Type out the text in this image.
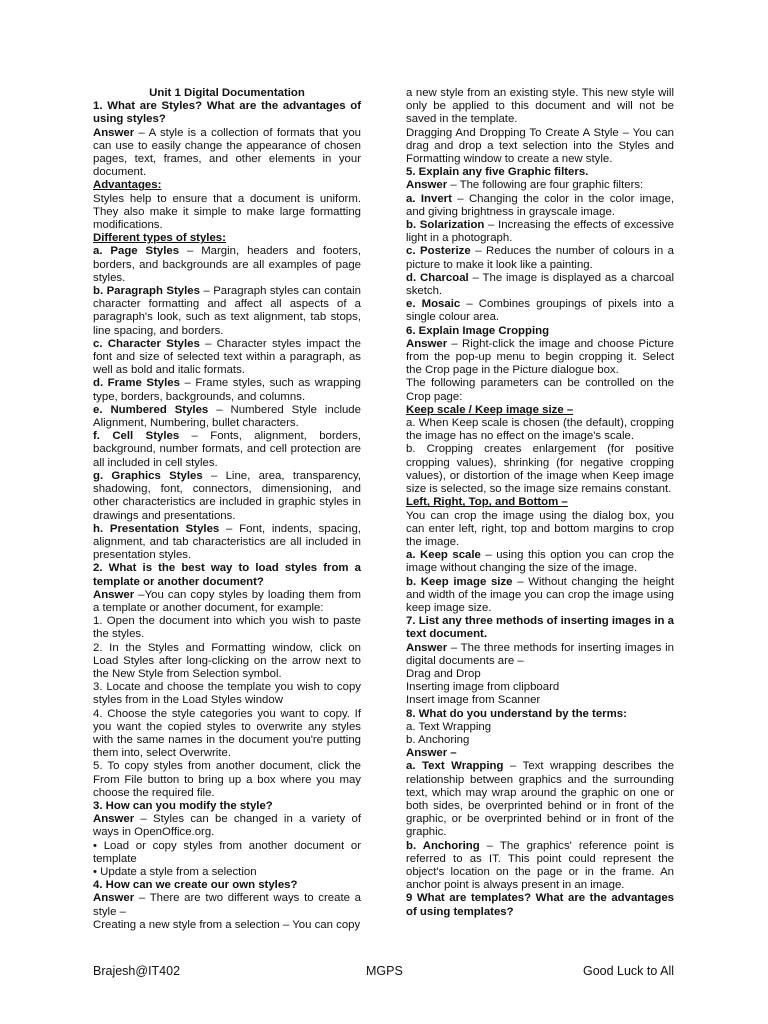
Unit 1 Digital Documentation

1. What are Styles? What are the advantages of using styles?

Answer – A style is a collection of formats that you can use to easily change the appearance of chosen pages, text, frames, and other elements in your document.

Advantages:

Styles help to ensure that a document is uniform. They also make it simple to make large formatting modifications.

Different types of styles:

a. Page Styles – Margin, headers and footers, borders, and backgrounds are all examples of page styles.

b. Paragraph Styles – Paragraph styles can contain character formatting and affect all aspects of a paragraph's look, such as text alignment, tab stops, line spacing, and borders.

c. Character Styles – Character styles impact the font and size of selected text within a paragraph, as well as bold and italic formats.

d. Frame Styles – Frame styles, such as wrapping type, borders, backgrounds, and columns.

e. Numbered Styles – Numbered Style include Alignment, Numbering, bullet characters.

f. Cell Styles – Fonts, alignment, borders, background, number formats, and cell protection are all included in cell styles.

g. Graphics Styles – Line, area, transparency, shadowing, font, connectors, dimensioning, and other characteristics are included in graphic styles in drawings and presentations.

h. Presentation Styles – Font, indents, spacing, alignment, and tab characteristics are all included in presentation styles.

2. What is the best way to load styles from a template or another document?

Answer –You can copy styles by loading them from a template or another document, for example:

1. Open the document into which you wish to paste the styles.

2. In the Styles and Formatting window, click on Load Styles after long-clicking on the arrow next to the New Style from Selection symbol.

3. Locate and choose the template you wish to copy styles from in the Load Styles window

4. Choose the style categories you want to copy. If you want the copied styles to overwrite any styles with the same names in the document you're putting them into, select Overwrite.

5. To copy styles from another document, click the From File button to bring up a box where you may choose the required file.

3. How can you modify the style?

Answer – Styles can be changed in a variety of ways in OpenOffice.org.

• Load or copy styles from another document or template

• Update a style from a selection

4. How can we create our own styles?

Answer – There are two different ways to create a style –

Creating a new style from a selection – You can copy

a new style from an existing style. This new style will only be applied to this document and will not be saved in the template.

Dragging And Dropping To Create A Style – You can drag and drop a text selection into the Styles and Formatting window to create a new style.

5. Explain any five Graphic filters.

Answer – The following are four graphic filters:

a. Invert – Changing the color in the color image, and giving brightness in grayscale image.

b. Solarization – Increasing the effects of excessive light in a photograph.

c. Posterize – Reduces the number of colours in a picture to make it look like a painting.

d. Charcoal – The image is displayed as a charcoal sketch.

e. Mosaic – Combines groupings of pixels into a single colour area.

6. Explain Image Cropping

Answer – Right-click the image and choose Picture from the pop-up menu to begin cropping it. Select the Crop page in the Picture dialogue box.

The following parameters can be controlled on the Crop page:

Keep scale / Keep image size –

a. When Keep scale is chosen (the default), cropping the image has no effect on the image's scale.

b. Cropping creates enlargement (for positive cropping values), shrinking (for negative cropping values), or distortion of the image when Keep image size is selected, so the image size remains constant.

Left, Right, Top, and Bottom –

You can crop the image using the dialog box, you can enter left, right, top and bottom margins to crop the image.

a. Keep scale – using this option you can crop the image without changing the size of the image.

b. Keep image size – Without changing the height and width of the image you can crop the image using keep image size.

7. List any three methods of inserting images in a text document.

Answer – The three methods for inserting images in digital documents are –

Drag and Drop

Inserting image from clipboard

Insert image from Scanner

8. What do you understand by the terms:

a. Text Wrapping

b. Anchoring

Answer –

a. Text Wrapping – Text wrapping describes the relationship between graphics and the surrounding text, which may wrap around the graphic on one or both sides, be overprinted behind or in front of the graphic, or be overprinted behind or in front of the graphic.

b. Anchoring – The graphics' reference point is referred to as IT. This point could represent the object's location on the page or in the frame. An anchor point is always present in an image.

9 What are templates? What are the advantages of using templates?

Brajesh@IT402	MGPS	Good Luck to All
